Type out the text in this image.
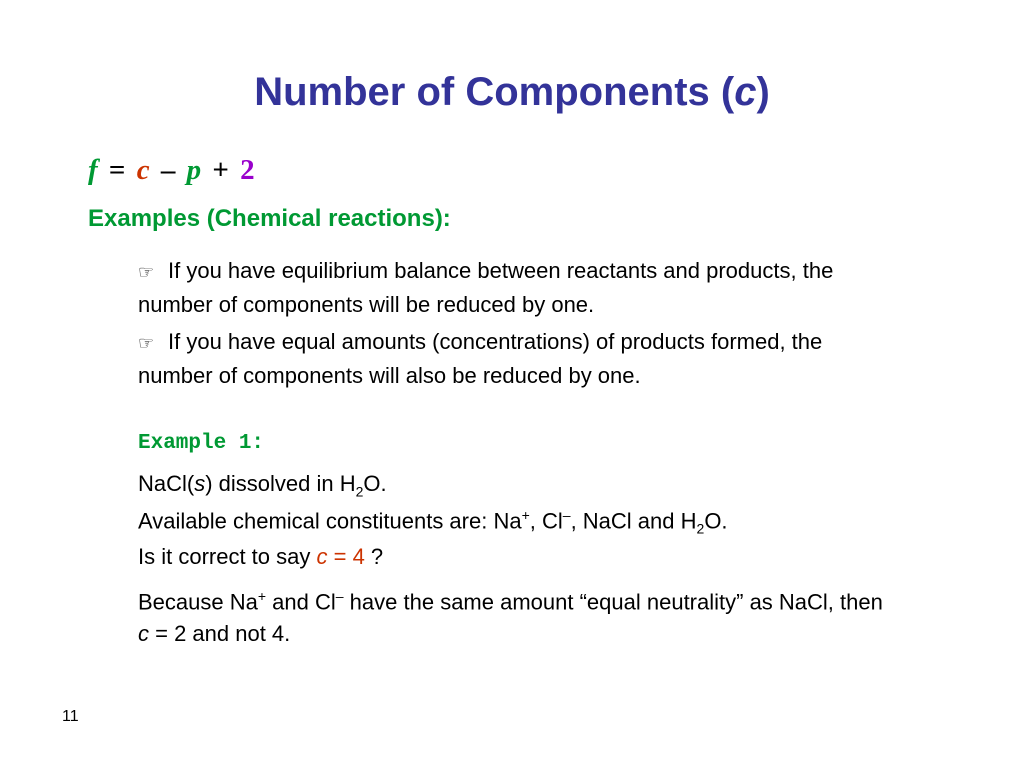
Number of Components (c)
f = c – p + 2
Examples (Chemical reactions):
☞ If you have equilibrium balance between reactants and products, the number of components will be reduced by one.
☞ If you have equal amounts (concentrations) of products formed, the number of components will also be reduced by one.
Example 1:
NaCl(s) dissolved in $H_2O$.
Available chemical constituents are: Na+, Cl–, NaCl and $H_2O$.
Is it correct to say c = 4 ?
Because Na+ and Cl– have the same amount “equal neutrality” as NaCl, then c = 2 and not 4.
11
